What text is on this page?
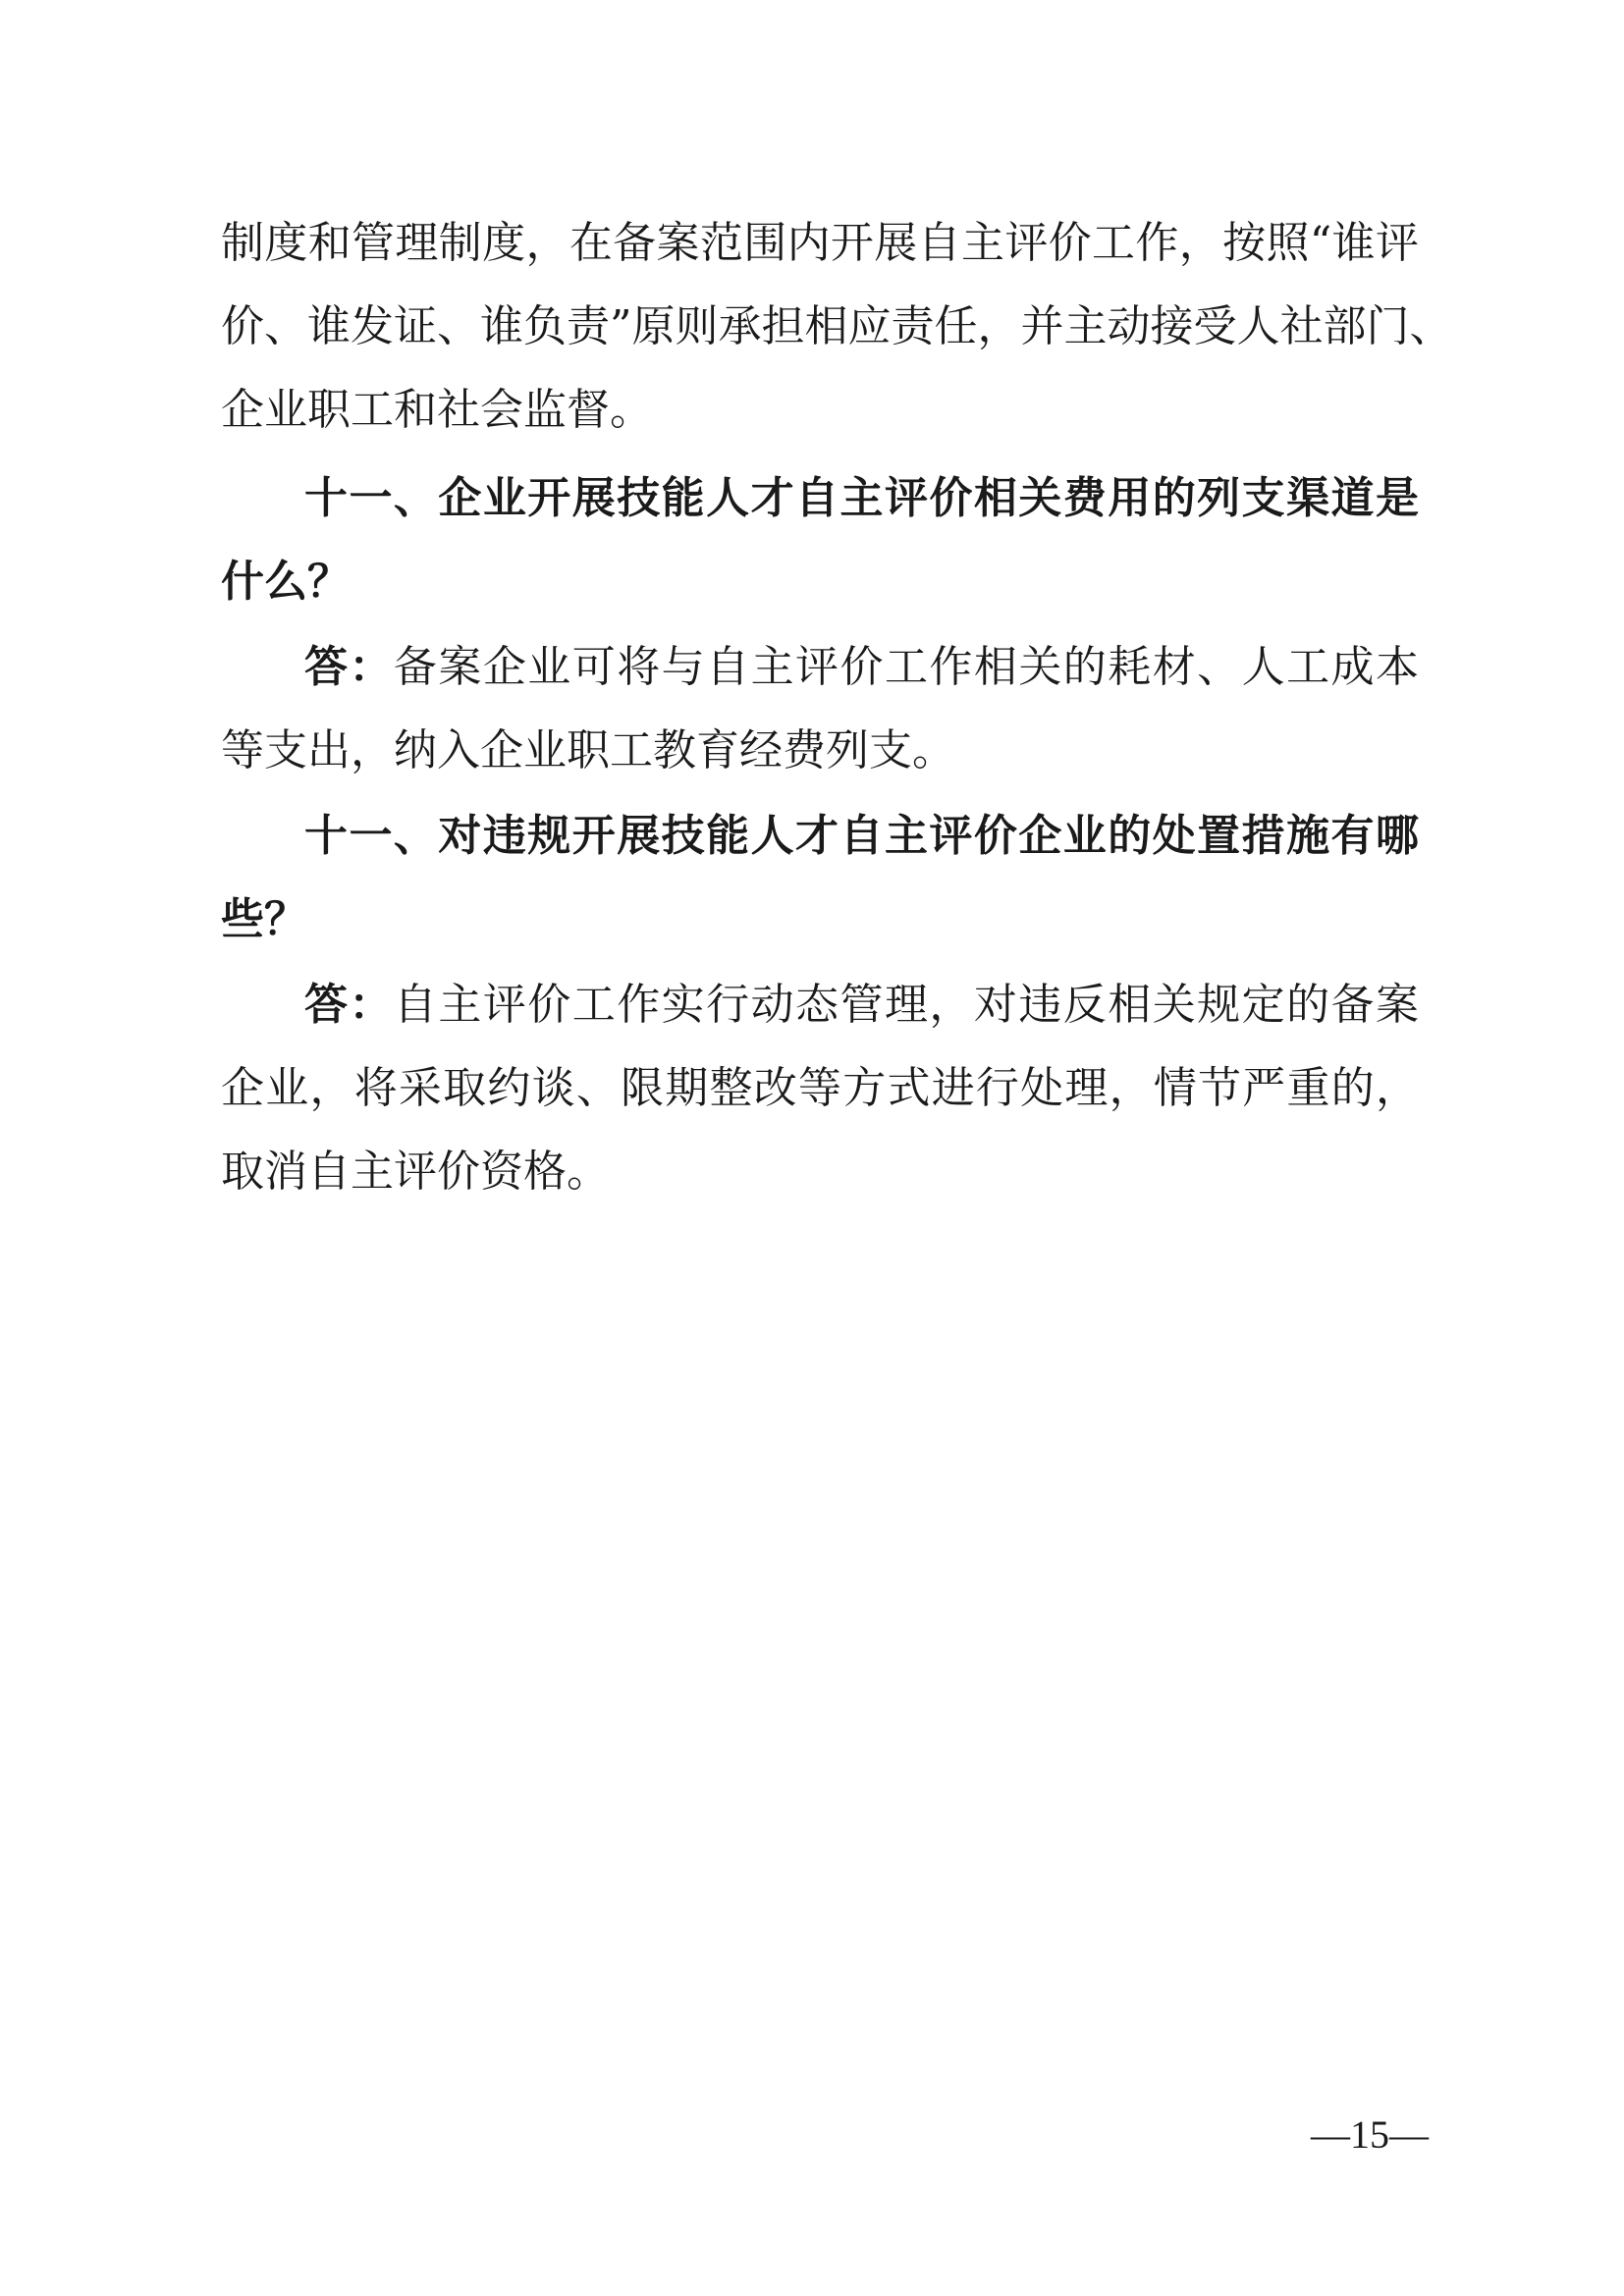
制度和管理制度，在备案范围内开展自主评价工作，按照“谁评
价、谁发证、谁负责”原则承担相应责任，并主动接受人社部门、
企业职工和社会监督。
十一、企业开展技能人才自主评价相关费用的列支渠道是
什么？
答：备案企业可将与自主评价工作相关的耗材、人工成本
等支出，纳入企业职工教育经费列支。
十一、对违规开展技能人才自主评价企业的处置措施有哪
些？
答：自主评价工作实行动态管理，对违反相关规定的备案
企业，将采取约谈、限期整改等方式进行处理，情节严重的，
取消自主评价资格。
—15—
